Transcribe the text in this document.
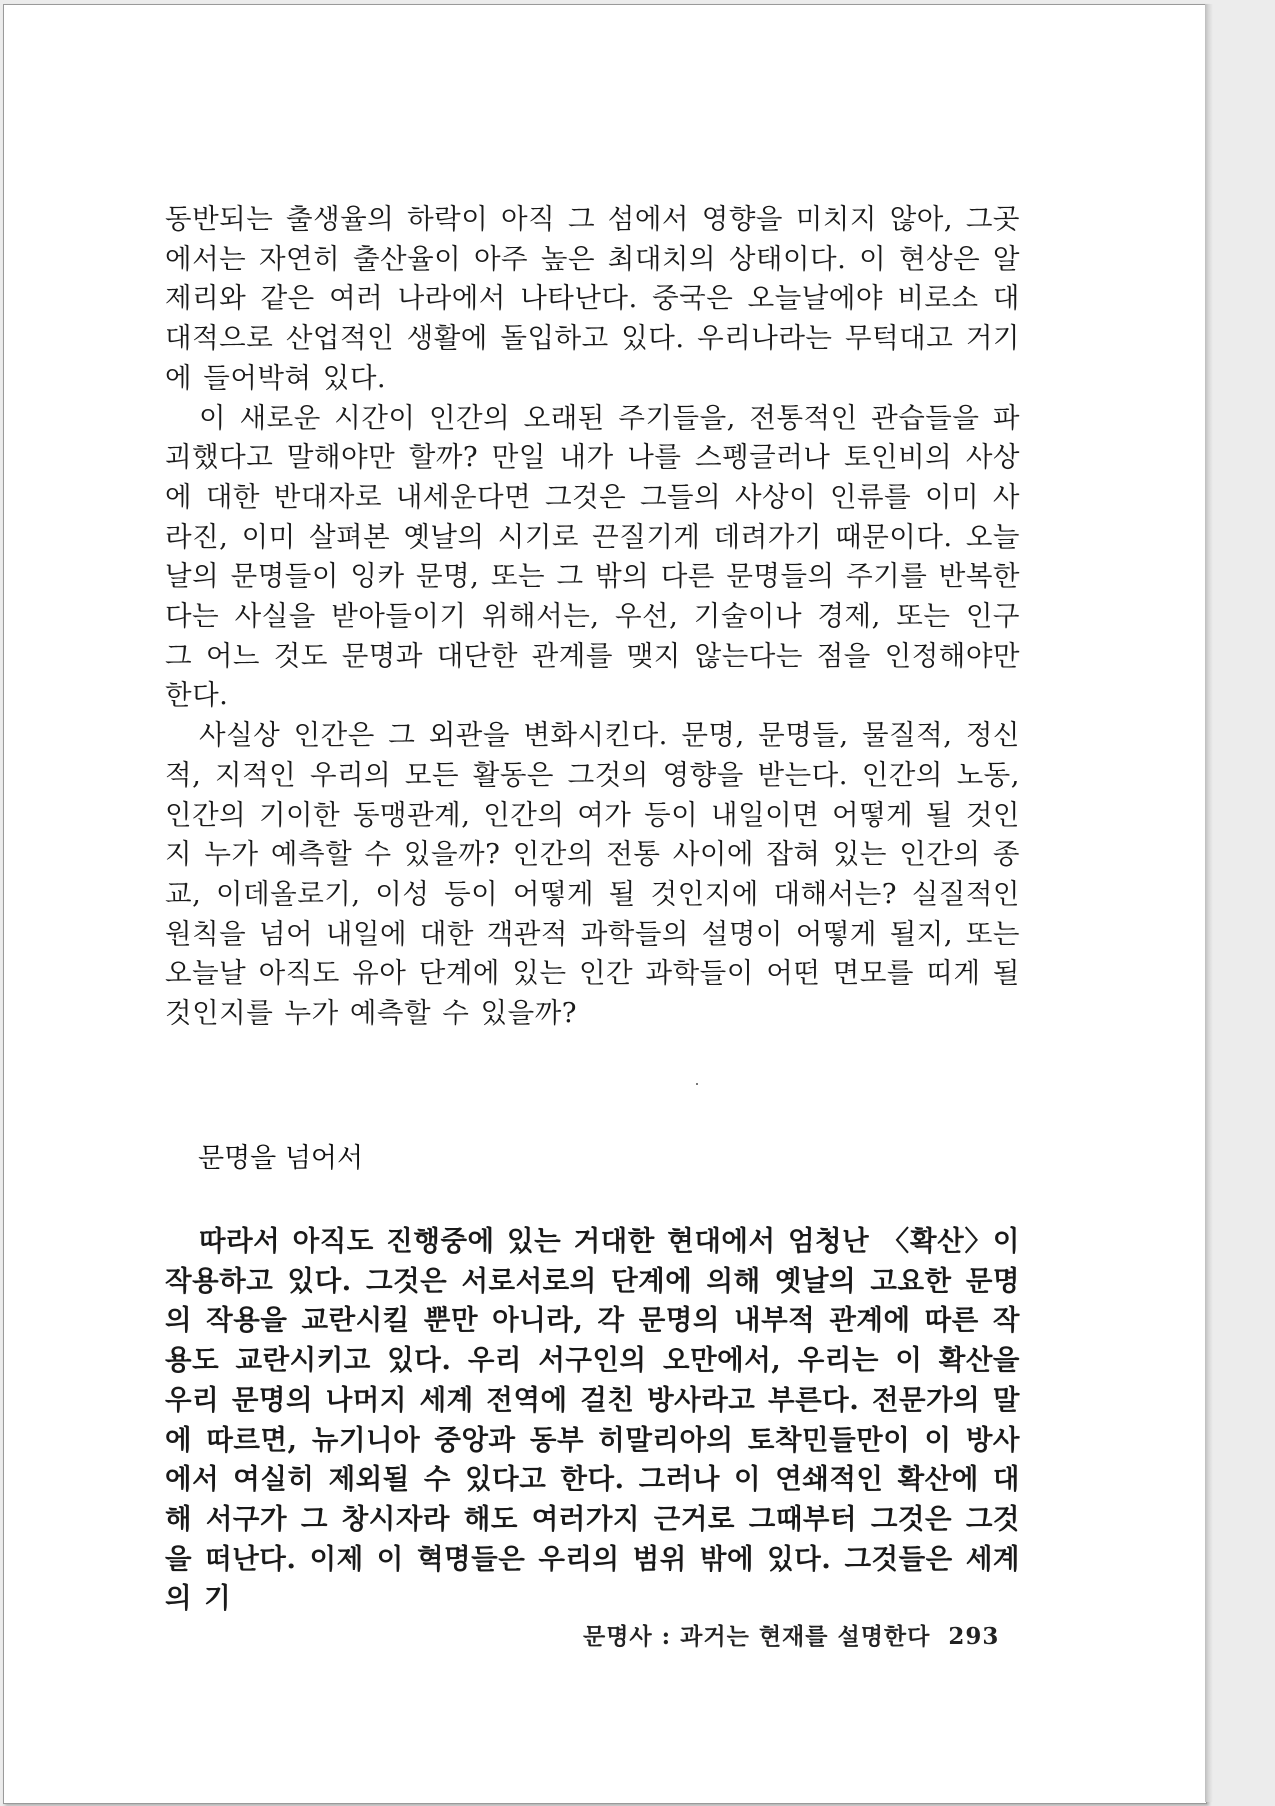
동반되는 출생율의 하락이 아직 그 섬에서 영향을 미치지 않아, 그곳에서는 자연히 출산율이 아주 높은 최대치의 상태이다. 이 현상은 알제리와 같은 여러 나라에서 나타난다. 중국은 오늘날에야 비로소 대대적으로 산업적인 생활에 돌입하고 있다. 우리나라는 무턱대고 거기에 들어박혀 있다.

이 새로운 시간이 인간의 오래된 주기들을, 전통적인 관습들을 파괴했다고 말해야만 할까? 만일 내가 나를 스펭글러나 토인비의 사상에 대한 반대자로 내세운다면 그것은 그들의 사상이 인류를 이미 사라진, 이미 살펴본 옛날의 시기로 끈질기게 데려가기 때문이다. 오늘날의 문명들이 잉카 문명, 또는 그 밖의 다른 문명들의 주기를 반복한다는 사실을 받아들이기 위해서는, 우선, 기술이나 경제, 또는 인구 그 어느 것도 문명과 대단한 관계를 맺지 않는다는 점을 인정해야만 한다.

사실상 인간은 그 외관을 변화시킨다. 문명, 문명들, 물질적, 정신적, 지적인 우리의 모든 활동은 그것의 영향을 받는다. 인간의 노동, 인간의 기이한 동맹관계, 인간의 여가 등이 내일이면 어떻게 될 것인지 누가 예측할 수 있을까? 인간의 전통 사이에 잡혀 있는 인간의 종교, 이데올로기, 이성 등이 어떻게 될 것인지에 대해서는? 실질적인 원칙을 넘어 내일에 대한 객관적 과학들의 설명이 어떻게 될지, 또는 오늘날 아직도 유아 단계에 있는 인간 과학들이 어떤 면모를 띠게 될 것인지를 누가 예측할 수 있을까?

문명을 넘어서

따라서 아직도 진행중에 있는 거대한 현대에서 엄청난 〈확산〉이 작용하고 있다. 그것은 서로서로의 단계에 의해 옛날의 고요한 문명의 작용을 교란시킬 뿐만 아니라, 각 문명의 내부적 관계에 따른 작용도 교란시키고 있다. 우리 서구인의 오만에서, 우리는 이 확산을 우리 문명의 나머지 세계 전역에 걸친 방사라고 부른다. 전문가의 말에 따르면, 뉴기니아 중앙과 동부 히말리아의 토착민들만이 이 방사에서 여실히 제외될 수 있다고 한다. 그러나 이 연쇄적인 확산에 대해 서구가 그 창시자라 해도 여러가지 근거로 그때부터 그것은 그것을 떠난다. 이제 이 혁명들은 우리의 범위 밖에 있다. 그것들은 세계의 기

문명사 : 과거는 현재를 설명한다 293
